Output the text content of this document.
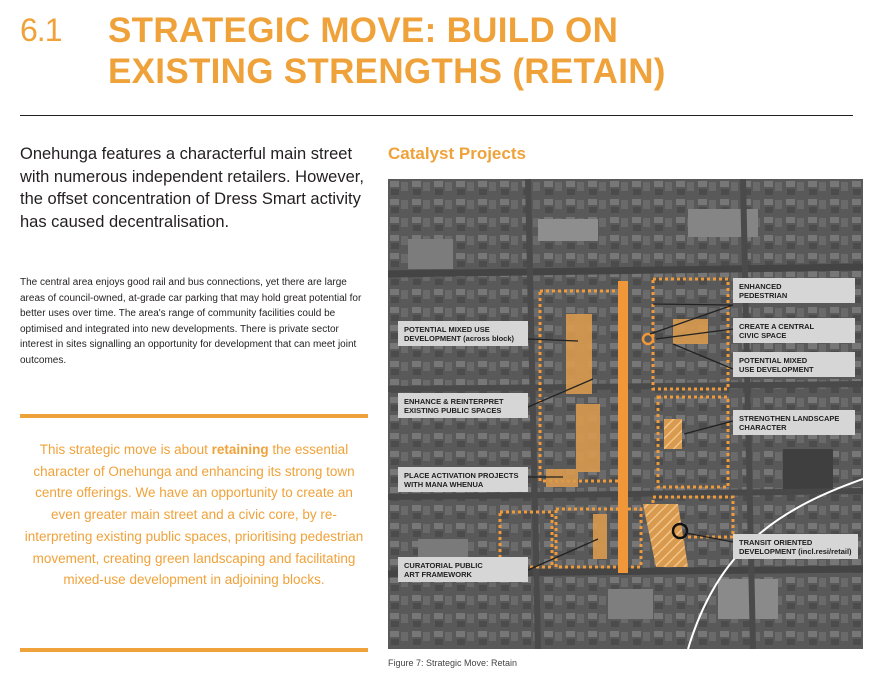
6.1 STRATEGIC MOVE: BUILD ON
EXISTING STRENGTHS (RETAIN)

Onehunga features a characterful main street with numerous independent retailers. However, the offset concentration of Dress Smart activity has caused decentralisation.

The central area enjoys good rail and bus connections, yet there are large areas of council-owned, at-grade car parking that may hold great potential for better uses over time. The area's range of community facilities could be optimised and integrated into new developments. There is private sector interest in sites signalling an opportunity for development that can meet joint outcomes.

This strategic move is about retaining the essential character of Onehunga and enhancing its strong town centre offerings. We have an opportunity to create an even greater main street and a civic core, by re-interpreting existing public spaces, prioritising pedestrian movement, creating green landscaping and facilitating mixed-use development in adjoining blocks.

Catalyst Projects
ENHANCED
PEDESTRIAN
POTENTIAL MIXED USE
DEVELOPMENT (across block)
CREATE A CENTRAL
CIVIC SPACE
POTENTIAL MIXED
USE DEVELOPMENT
ENHANCE & REINTERPRET
EXISTING PUBLIC SPACES
STRENGTHEN LANDSCAPE
CHARACTER
PLACE ACTIVATION PROJECTS
WITH MANA WHENUA
TRANSIT ORIENTED
DEVELOPMENT (incl.resi/retail)
CURATORIAL PUBLIC
ART FRAMEWORK
Figure 7: Strategic Move: Retain
